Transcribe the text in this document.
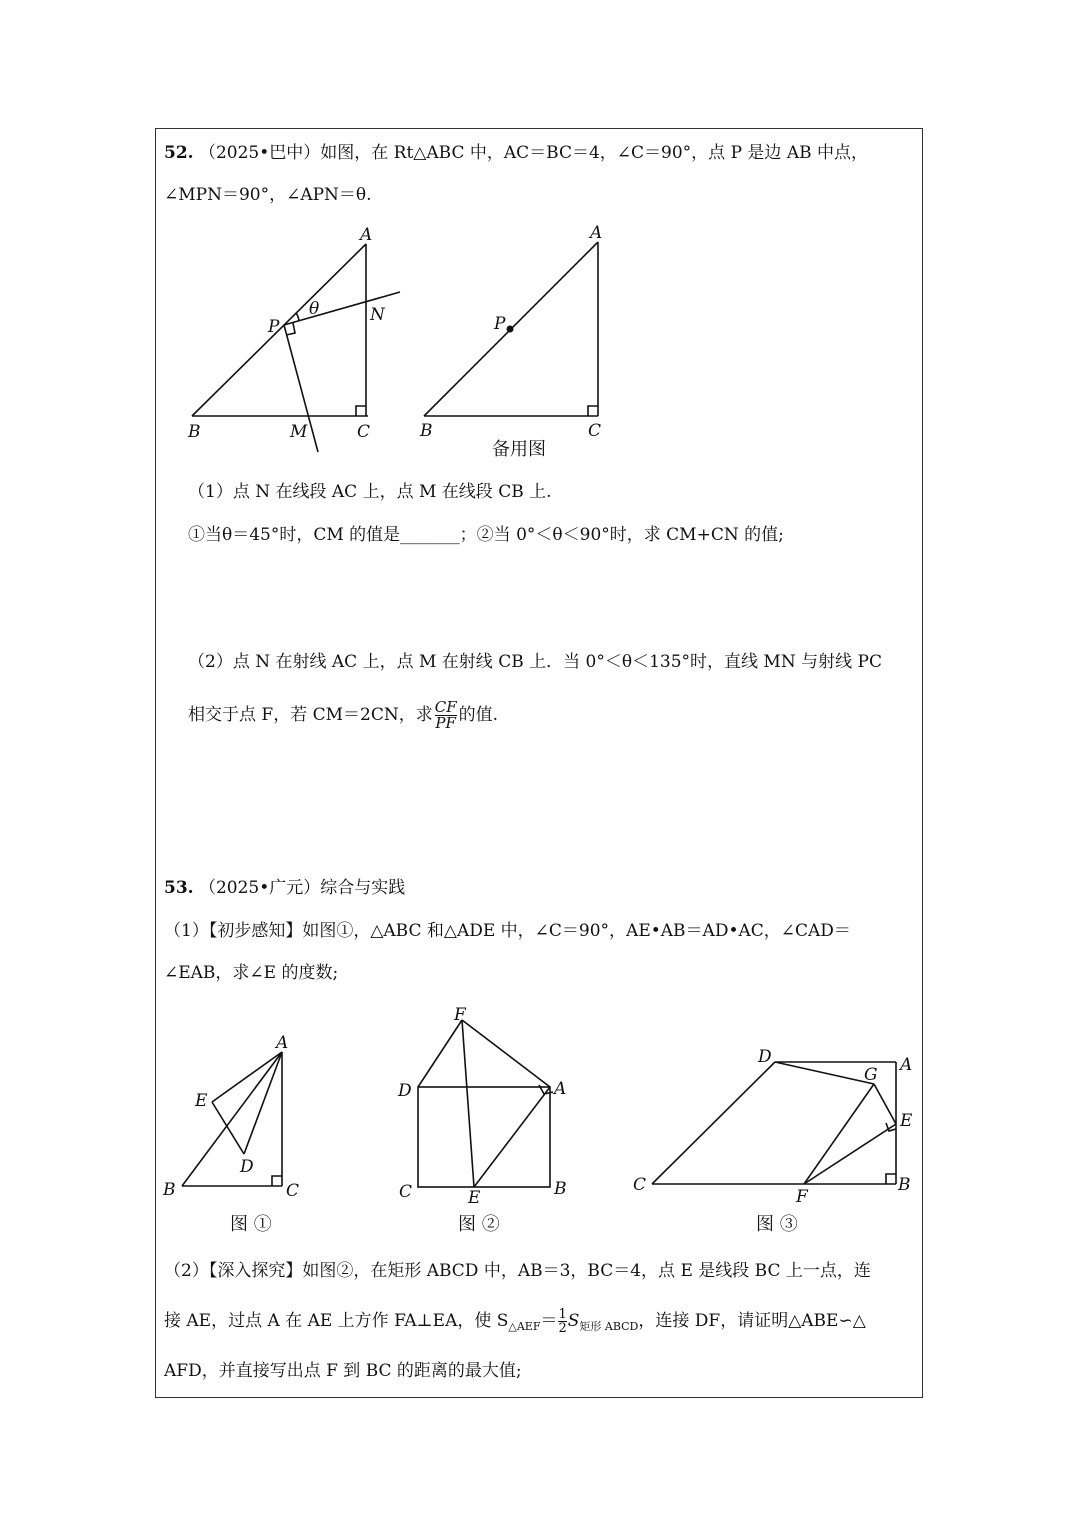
52. （2025•巴中）如图，在 Rt△ABC 中，AC＝BC＝4，∠C＝90°，点 P 是边 AB 中点，
∠MPN＝90°，∠APN＝θ.
A
P
N
B	M	C
θ
A
P
B	C
备用图
（1）点 N 在线段 AC 上，点 M 在线段 CB 上.
①当θ＝45°时，CM 的值是_______；②当 0°＜θ＜90°时，求 CM+CN 的值;
（2）点 N 在射线 AC 上，点 M 在射线 CB 上．当 0°＜θ＜135°时，直线 MN 与射线 PC
相交于点 F，若 CM＝2CN，求 $\frac{CF}{PF}$ 的值.
53. （2025•广元）综合与实践
（1）【初步感知】如图①，△ABC 和△ADE 中，∠C＝90°，AE•AB＝AD•AC，∠CAD＝
∠EAB，求∠E 的度数;
A
E
D
B	C
图 ①
F
D	A
C	E	B
图 ②
D	A
G
E
C
F
B
图 ③
（2）【深入探究】如图②，在矩形 ABCD 中，AB＝3，BC＝4，点 E 是线段 BC 上一点，连
接 AE，过点 A 在 AE 上方作 FA⊥EA，使 $S_{\triangle AEF}= \frac{1}{2} S_{矩形 ABCD}$，连接 DF，请证明△ABE∽△
AFD，并直接写出点 F 到 BC 的距离的最大值;
